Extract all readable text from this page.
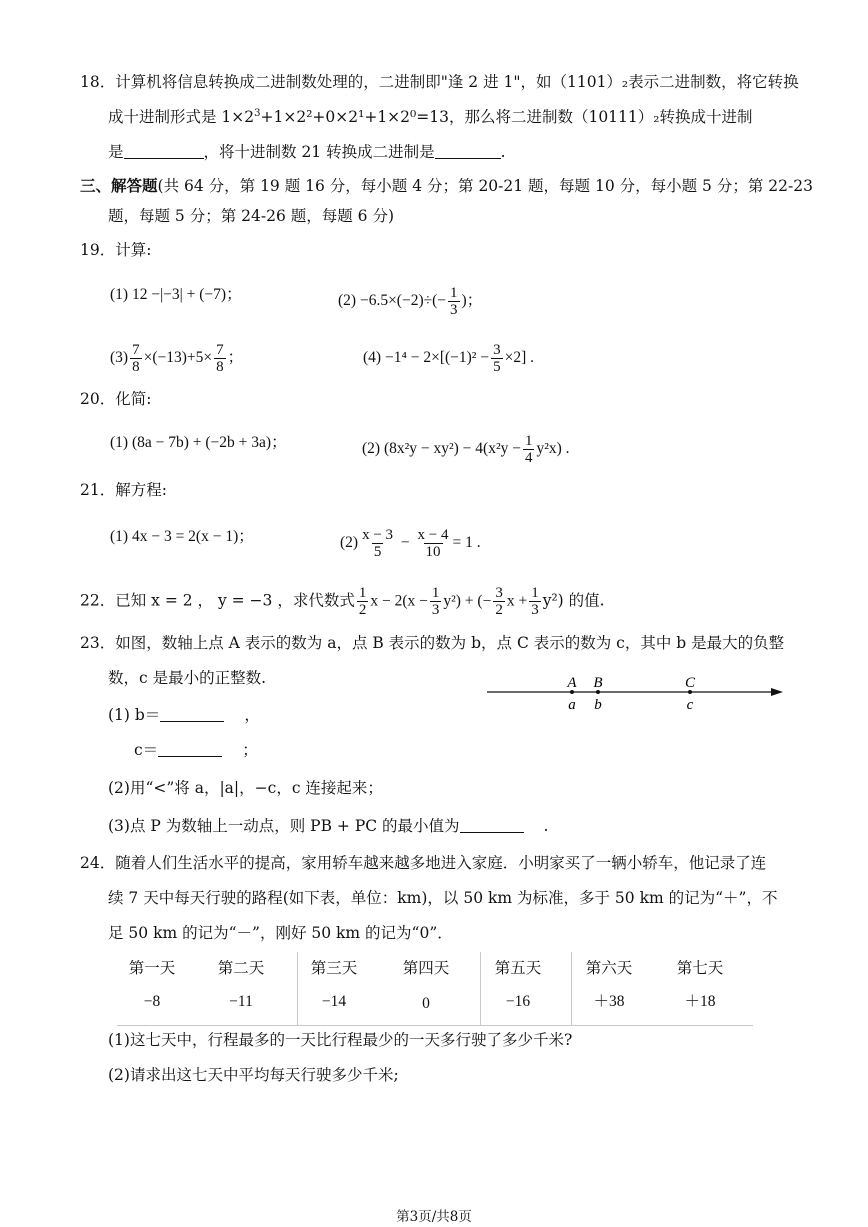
18．计算机将信息转换成二进制数处理的，二进制即"逢 2 进 1"，如（1101）₂表示二进制数，将它转换
成十进制形式是 $1\times 2^3+1\times 2^2+0\times 2^1+1\times 2^0=13$，那么将二进制数（10111）₂转换成十进制
是	，将十进制数 21 转换成二进制是	.
三、解答题(共 64 分，第 19 题 16 分，每小题 4 分；第 20-21 题，每题 10 分，每小题 5 分；第 22-23
题，每题 5 分；第 24-26 题，每题 6 分)
19．计算:
(1) 12 −|−3| + (−7)；	$(2) -6.5\times(-2)\div(- \frac{1}{3}$ )；
$(3) \frac{7}{8} \times(-13)+5\times \frac{7}{8}$ ；	$(4) -1^4 - 2\times[(-1)^2 - \frac{3}{5} \times 2]$ .
20．化简:
(1) (8a − 7b) + (−2b + 3a)；	(2) $(8x^2y - xy^2) - 4(x^2y - \frac{1}{4} y^2x)$ .
21．解方程:
(1) 4x − 3 = 2(x − 1)；	$(2) \frac{x - 3}{5} - \frac{x - 4}{10} = 1$ .
22．已知 x = 2 ， y = −3 ，求代数式 $\frac{1}{2}$ $x - 2(x - \frac{1}{3} y^2)$ + (− $\frac{3}{2}$ $x + \frac{1}{3} y^2$) 的值.
23．如图，数轴上点 A 表示的数为 a，点 B 表示的数为 b，点 C 表示的数为 c，其中 b 是最大的负整
数，c 是最小的正整数.	A
a
B
b
C
c
(1) b＝	，
c＝	；
(2)用“<”将 a，|a|，−c，c 连接起来；
(3)点 P 为数轴上一动点，则 PB + PC 的最小值为	.
24．随着人们生活水平的提高，家用轿车越来越多地进入家庭．小明家买了一辆小轿车，他记录了连
续 7 天中每天行驶的路程(如下表，单位：km)，以 50 km 为标准，多于 50 km 的记为“＋”，不
足 50 km 的记为“－”，刚好 50 km 的记为“0”．
第一天	第二天	第三天	第四天	第五天	第六天	第七天
−8	−11	−14	0	−16	＋38	＋18
(1)这七天中，行程最多的一天比行程最少的一天多行驶了多少千米?
(2)请求出这七天中平均每天行驶多少千米;
第3页/共8页
